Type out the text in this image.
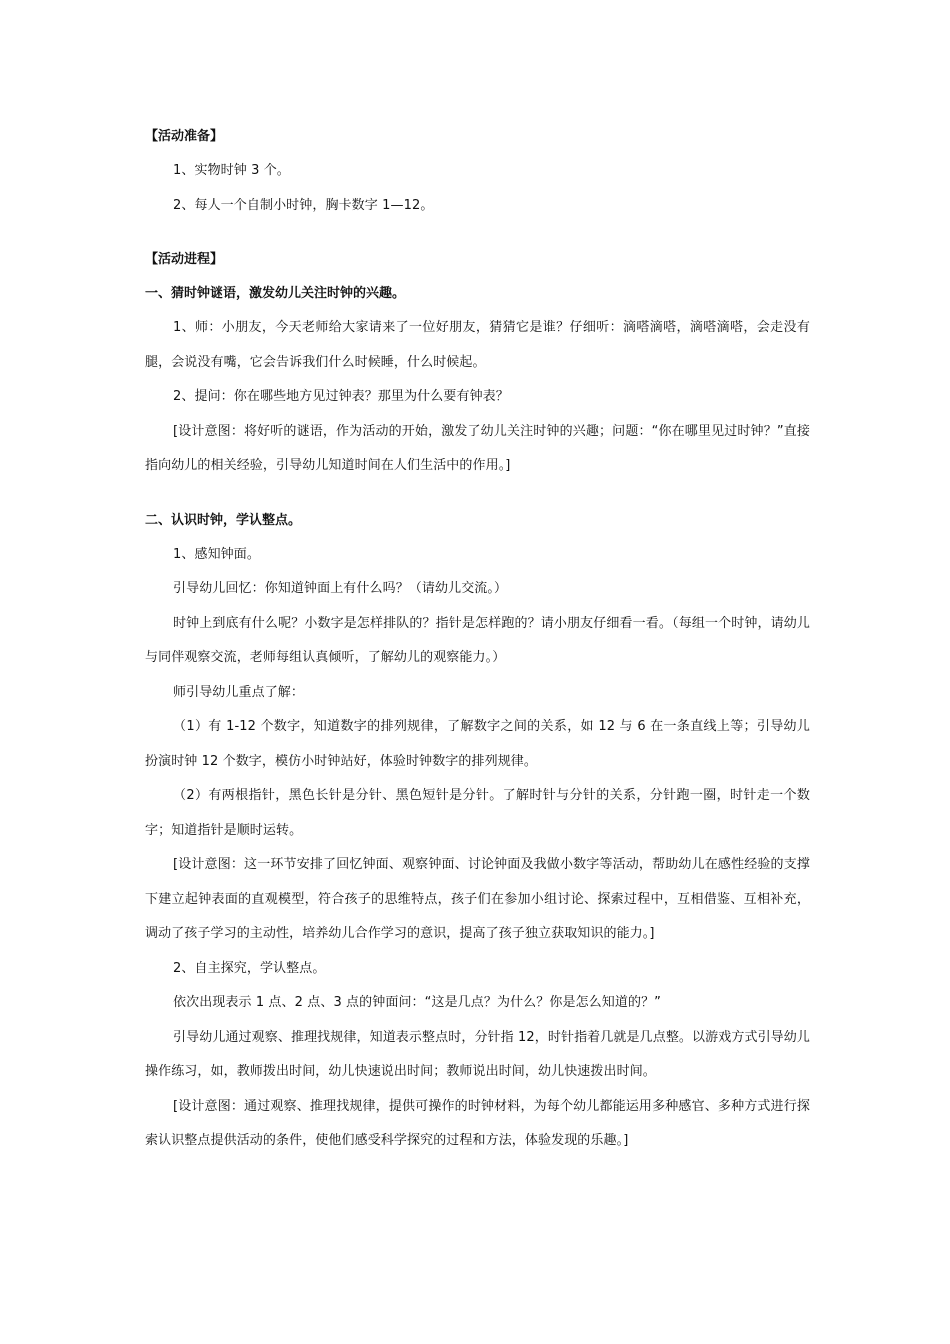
【活动准备】

1、实物时钟 3 个。

2、每人一个自制小时钟，胸卡数字 1—12。

【活动进程】

一、猜时钟谜语，激发幼儿关注时钟的兴趣。

1、师：小朋友，今天老师给大家请来了一位好朋友，猜猜它是谁？仔细听：滴嗒滴嗒，滴嗒滴嗒，会走没有腿，会说没有嘴，它会告诉我们什么时候睡，什么时候起。

2、提问：你在哪些地方见过钟表？那里为什么要有钟表？

[设计意图：将好听的谜语，作为活动的开始，激发了幼儿关注时钟的兴趣；问题：“你在哪里见过时钟？”直接指向幼儿的相关经验，引导幼儿知道时间在人们生活中的作用。]

二、认识时钟，学认整点。

1、感知钟面。

引导幼儿回忆：你知道钟面上有什么吗？（请幼儿交流。）

时钟上到底有什么呢？小数字是怎样排队的？指针是怎样跑的？请小朋友仔细看一看。（每组一个时钟，请幼儿与同伴观察交流，老师每组认真倾听，了解幼儿的观察能力。）

师引导幼儿重点了解：

（1）有 1-12 个数字，知道数字的排列规律，了解数字之间的关系，如 12 与 6 在一条直线上等；引导幼儿扮演时钟 12 个数字，模仿小时钟站好，体验时钟数字的排列规律。

（2）有两根指针，黑色长针是分针、黑色短针是分针。了解时针与分针的关系，分针跑一圈，时针走一个数字；知道指针是顺时运转。

[设计意图：这一环节安排了回忆钟面、观察钟面、讨论钟面及我做小数字等活动，帮助幼儿在感性经验的支撑下建立起钟表面的直观模型，符合孩子的思维特点，孩子们在参加小组讨论、探索过程中，互相借鉴、互相补充，调动了孩子学习的主动性，培养幼儿合作学习的意识，提高了孩子独立获取知识的能力。]

2、自主探究，学认整点。

依次出现表示 1 点、2 点、3 点的钟面问：“这是几点？为什么？你是怎么知道的？”

引导幼儿通过观察、推理找规律，知道表示整点时，分针指 12，时针指着几就是几点整。以游戏方式引导幼儿操作练习，如，教师拨出时间，幼儿快速说出时间；教师说出时间，幼儿快速拨出时间。

[设计意图：通过观察、推理找规律，提供可操作的时钟材料，为每个幼儿都能运用多种感官、多种方式进行探索认识整点提供活动的条件，使他们感受科学探究的过程和方法，体验发现的乐趣。]
